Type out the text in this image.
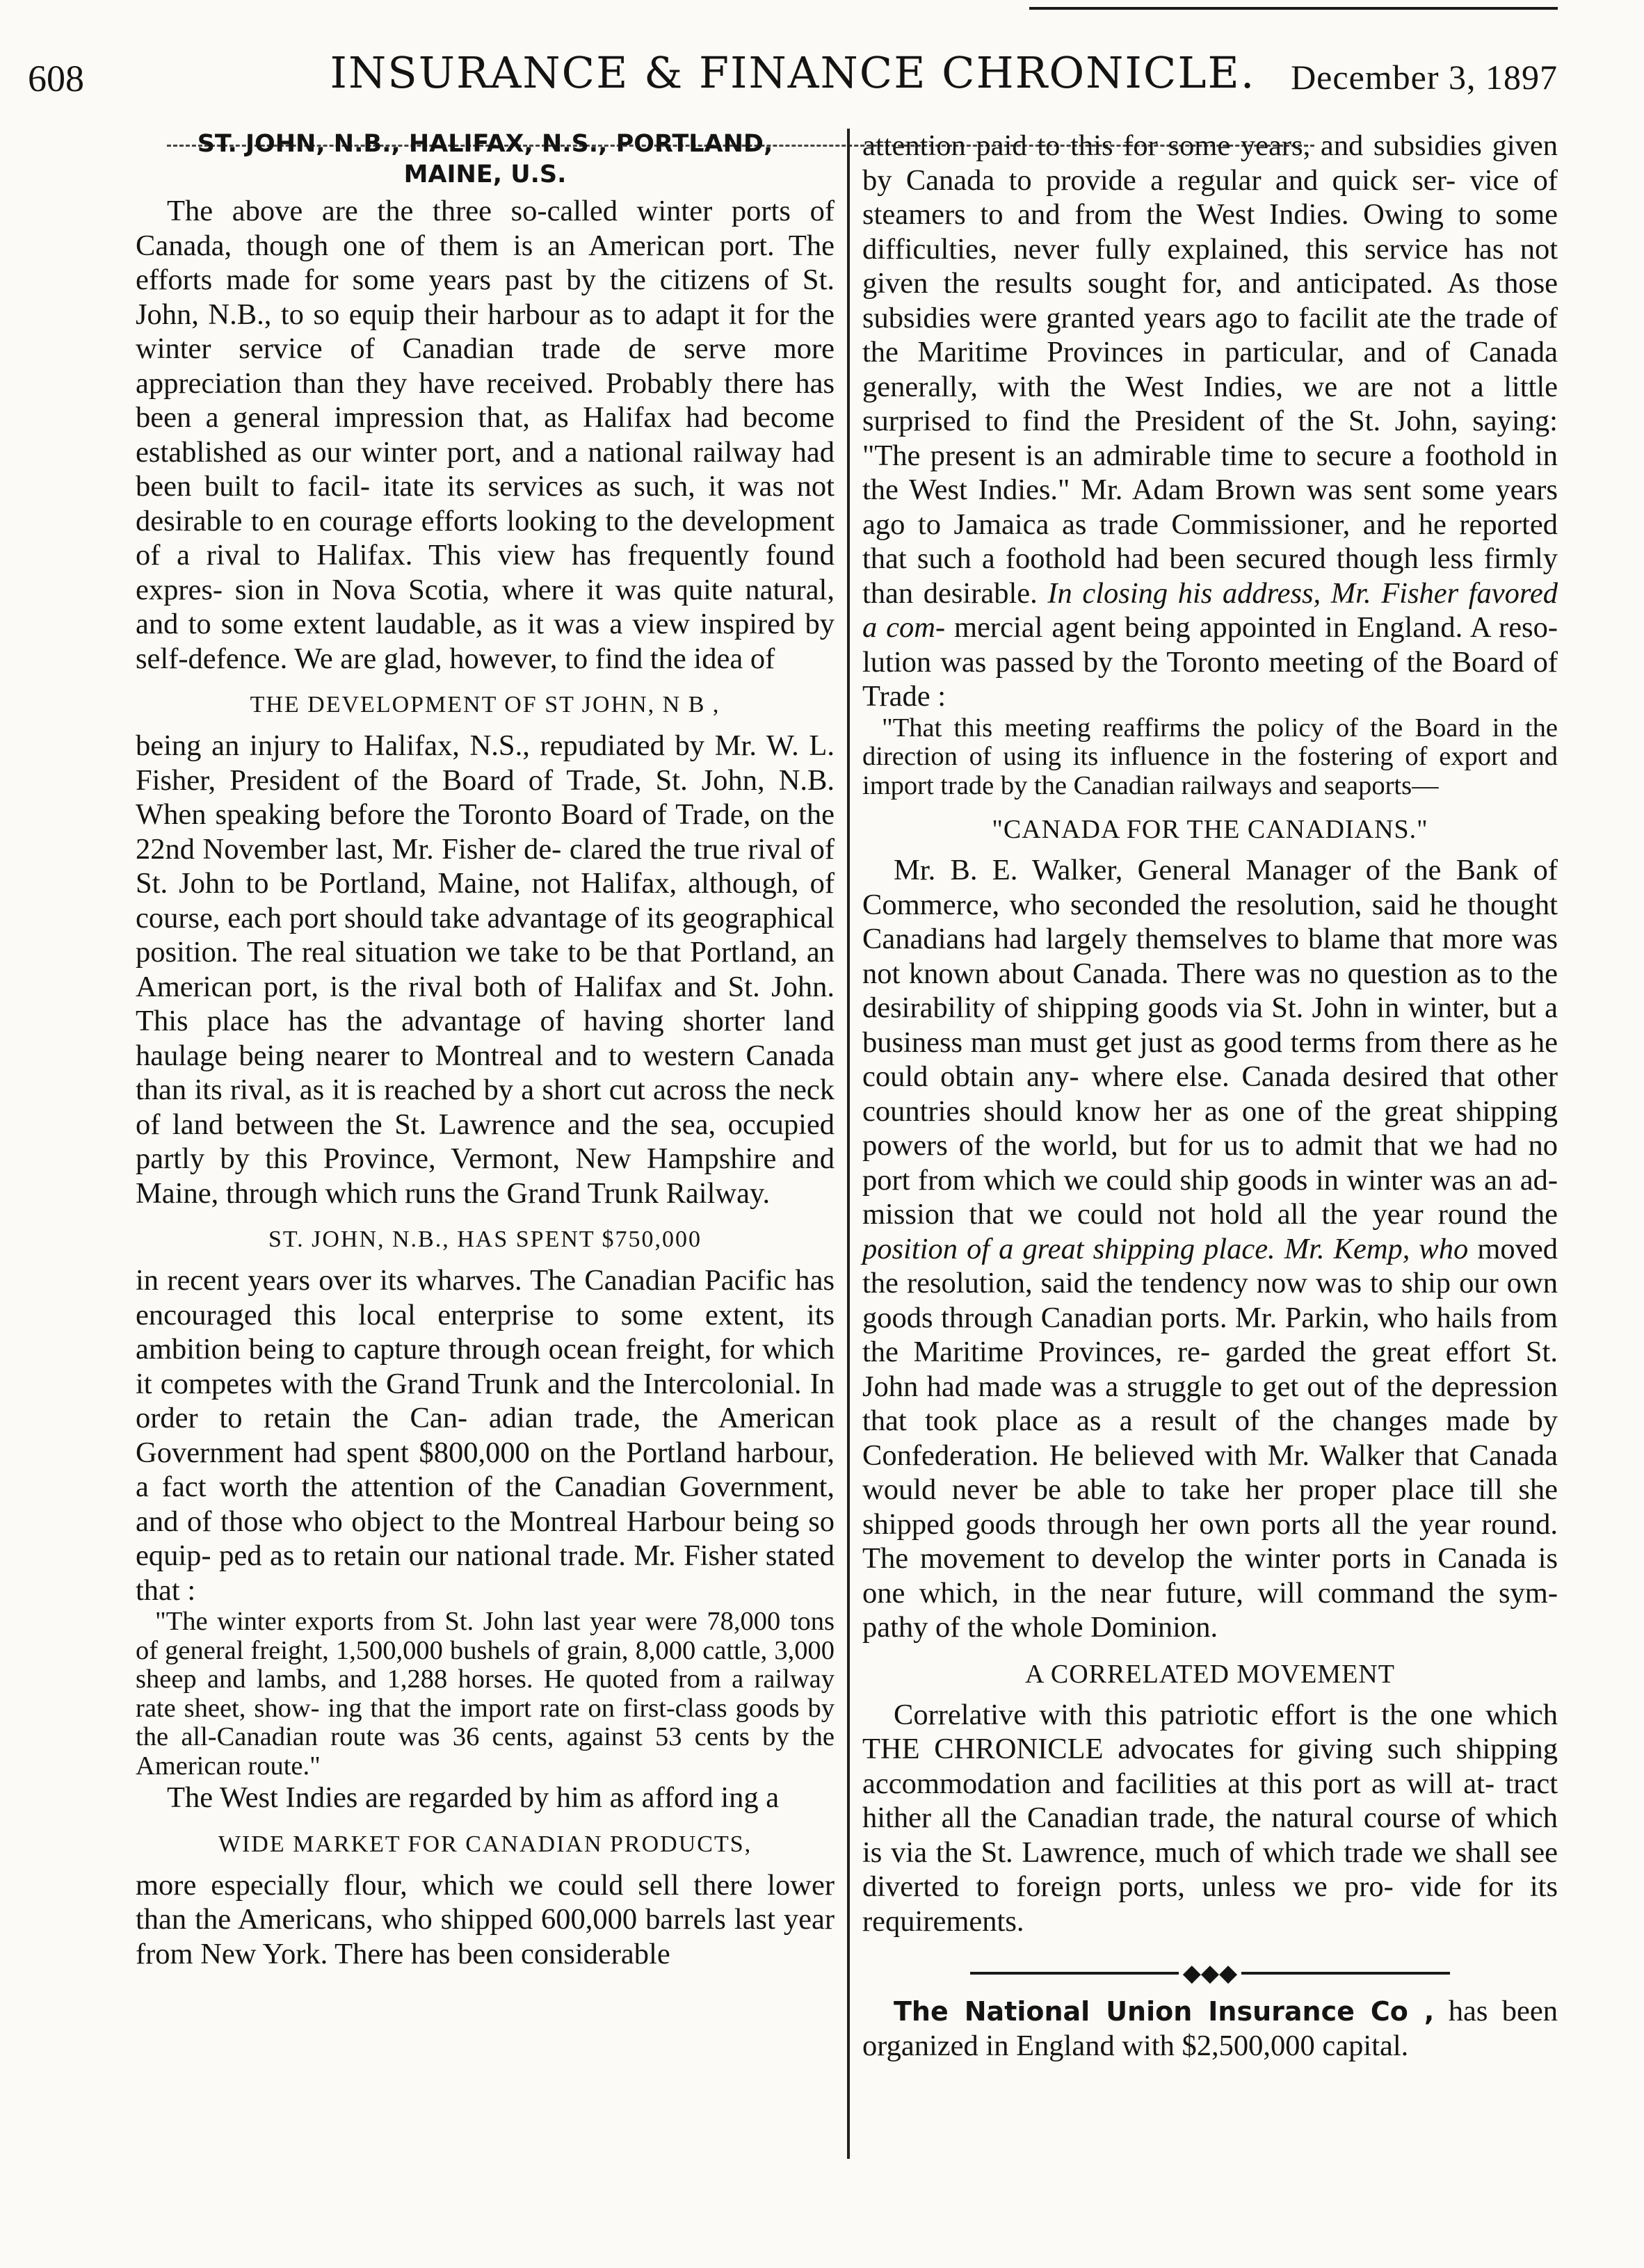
608	INSURANCE & FINANCE CHRONICLE. December 3, 1897
ST. JOHN, N.B., HALIFAX, N.S., PORTLAND,
MAINE, U.S.

The above are the three so-called winter ports of Canada, though one of them is an American port. The efforts made for some years past by the citizens of St. John, N.B., to so equip their harbour as to adapt it for the winter service of Canadian trade de serve more appreciation than they have received. Probably there has been a general impression that, as Halifax had become established as our winter port, and a national railway had been built to facil- itate its services as such, it was not desirable to en courage efforts looking to the development of a rival to Halifax. This view has frequently found expres- sion in Nova Scotia, where it was quite natural, and to some extent laudable, as it was a view inspired by self-defence. We are glad, however, to find the idea of

THE DEVELOPMENT OF ST JOHN, N B ,

being an injury to Halifax, N.S., repudiated by Mr. W. L. Fisher, President of the Board of Trade, St. John, N.B. When speaking before the Toronto Board of Trade, on the 22nd November last, Mr. Fisher de- clared the true rival of St. John to be Portland, Maine, not Halifax, although, of course, each port should take advantage of its geographical position. The real situation we take to be that Portland, an American port, is the rival both of Halifax and St. John. This place has the advantage of having shorter land haulage being nearer to Montreal and to western Canada than its rival, as it is reached by a short cut across the neck of land between the St. Lawrence and the sea, occupied partly by this Province, Vermont, New Hampshire and Maine, through which runs the Grand Trunk Railway.

ST. JOHN, N.B., HAS SPENT $750,000

in recent years over its wharves. The Canadian Pacific has encouraged this local enterprise to some extent, its ambition being to capture through ocean freight, for which it competes with the Grand Trunk and the Intercolonial. In order to retain the Can- adian trade, the American Government had spent $800,000 on the Portland harbour, a fact worth the attention of the Canadian Government, and of those who object to the Montreal Harbour being so equip- ped as to retain our national trade. Mr. Fisher stated that :

"The winter exports from St. John last year were 78,000 tons of general freight, 1,500,000 bushels of grain, 8,000 cattle, 3,000 sheep and lambs, and 1,288 horses. He quoted from a railway rate sheet, show- ing that the import rate on first-class goods by the all-Canadian route was 36 cents, against 53 cents by the American route."

The West Indies are regarded by him as afford ing a

WIDE MARKET FOR CANADIAN PRODUCTS,

more especially flour, which we could sell there lower than the Americans, who shipped 600,000 barrels last year from New York. There has been considerable

attention paid to this for some years, and subsidies given by Canada to provide a regular and quick ser- vice of steamers to and from the West Indies. Owing to some difficulties, never fully explained, this service has not given the results sought for, and anticipated. As those subsidies were granted years ago to facilit ate the trade of the Maritime Provinces in particular, and of Canada generally, with the West Indies, we are not a little surprised to find the President of the St. John, saying: "The present is an admirable time to secure a foothold in the West Indies." Mr. Adam Brown was sent some years ago to Jamaica as trade Commissioner, and he reported that such a foothold had been secured though less firmly than desirable. In closing his address, Mr. Fisher favored a com- mercial agent being appointed in England. A reso- lution was passed by the Toronto meeting of the Board of Trade :

"That this meeting reaffirms the policy of the Board in the direction of using its influence in the fostering of export and import trade by the Canadian railways and seaports—

"CANADA FOR THE CANADIANS."

Mr. B. E. Walker, General Manager of the Bank of Commerce, who seconded the resolution, said he thought Canadians had largely themselves to blame that more was not known about Canada. There was no question as to the desirability of shipping goods via St. John in winter, but a business man must get just as good terms from there as he could obtain any- where else. Canada desired that other countries should know her as one of the great shipping powers of the world, but for us to admit that we had no port from which we could ship goods in winter was an ad- mission that we could not hold all the year round the position of a great shipping place. Mr. Kemp, who moved the resolution, said the tendency now was to ship our own goods through Canadian ports. Mr. Parkin, who hails from the Maritime Provinces, re- garded the great effort St. John had made was a struggle to get out of the depression that took place as a result of the changes made by Confederation. He believed with Mr. Walker that Canada would never be able to take her proper place till she shipped goods through her own ports all the year round. The movement to develop the winter ports in Canada is one which, in the near future, will command the sym- pathy of the whole Dominion.

A CORRELATED MOVEMENT

Correlative with this patriotic effort is the one which THE CHRONICLE advocates for giving such shipping accommodation and facilities at this port as will at- tract hither all the Canadian trade, the natural course of which is via the St. Lawrence, much of which trade we shall see diverted to foreign ports, unless we pro- vide for its requirements.

◆◆◆

The National Union Insurance Co , has been organized in England with $2,500,000 capital.
